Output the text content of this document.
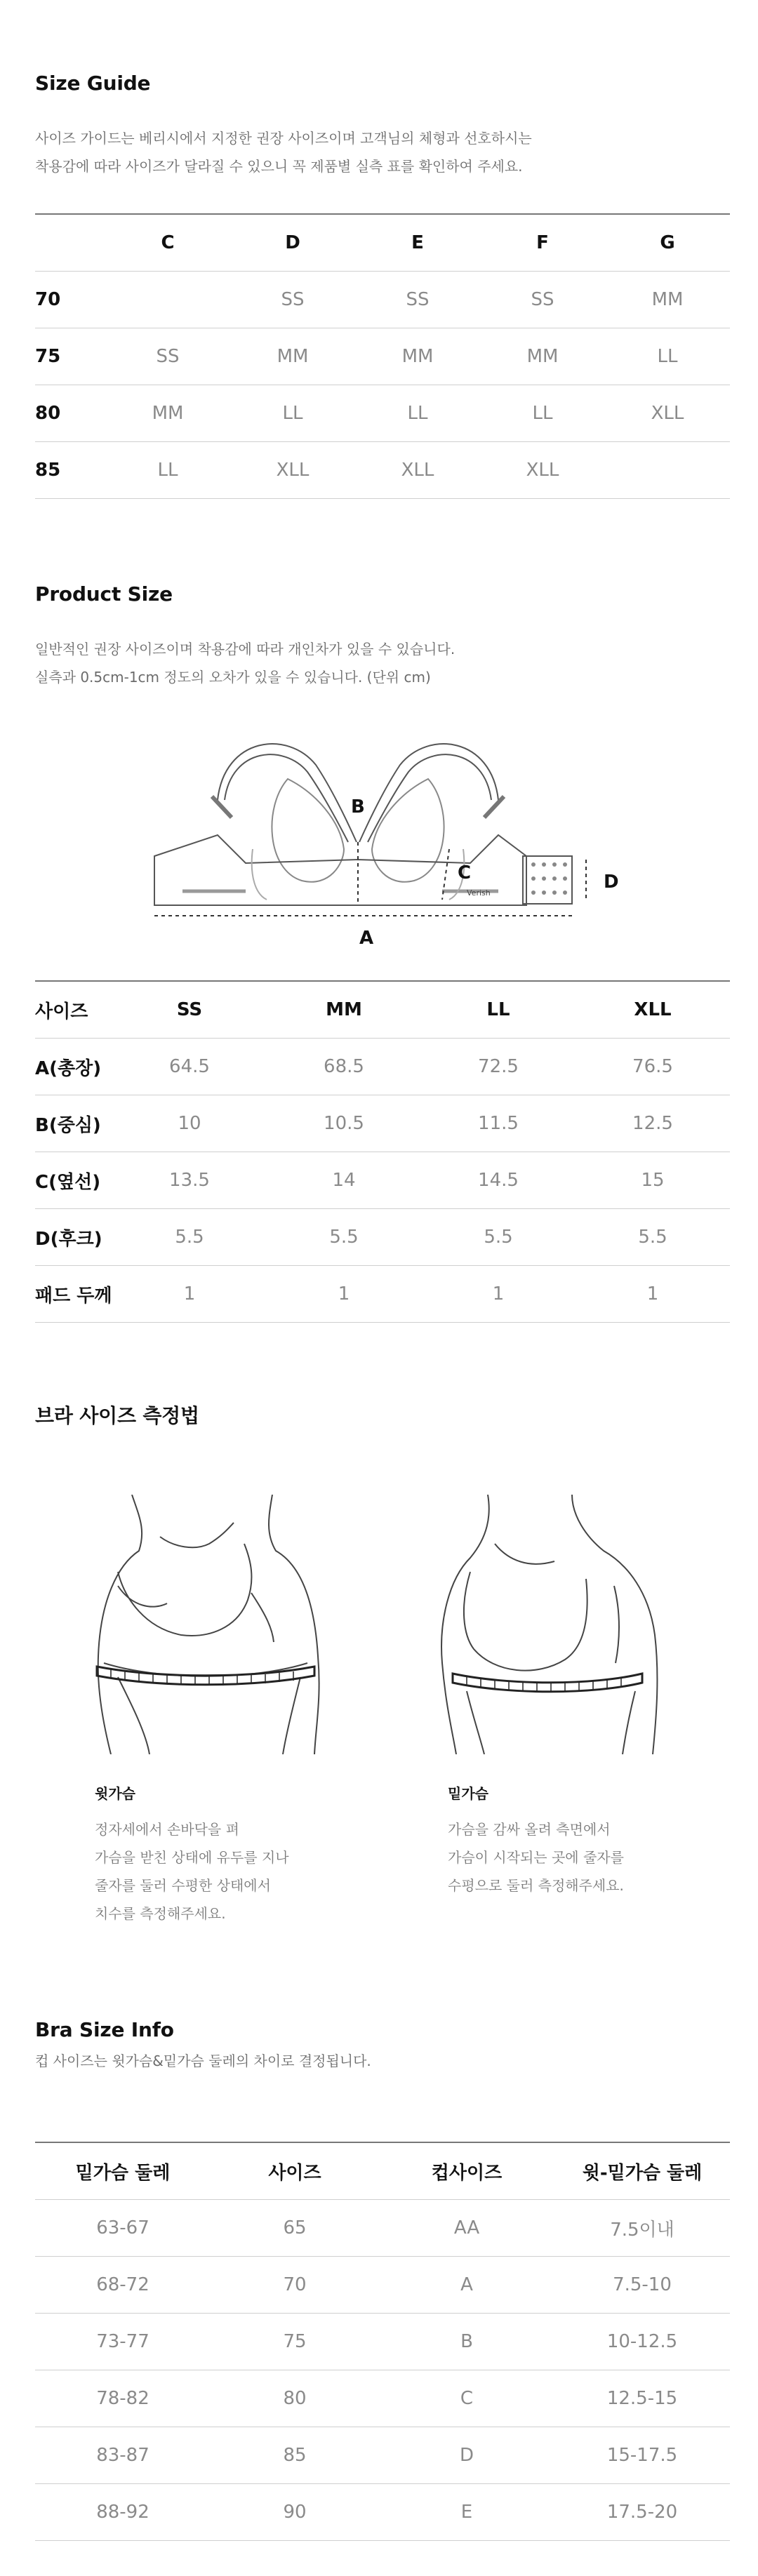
Size Guide

사이즈 가이드는 베리시에서 지정한 권장 사이즈이며 고객님의 체형과 선호하시는

착용감에 따라 사이즈가 달라질 수 있으니 꼭 제품별 실측 표를 확인하여 주세요.

	C	D	E	F	G
70		SS	SS	SS	MM
75	SS	MM	MM	MM	LL
80	MM	LL	LL	LL	XLL
85	LL	XLL	XLL	XLL	
Product Size

일반적인 권장 사이즈이며 착용감에 따라 개인차가 있을 수 있습니다.

실측과 0.5cm-1cm 정도의 오차가 있을 수 있습니다. (단위 cm)

B
C	D
A
Verish
사이즈	SS	MM	LL	XLL
A(총장)	64.5	68.5	72.5	76.5
B(중심)	10	10.5	11.5	12.5
C(옆선)	13.5	14	14.5	15
D(후크)	5.5	5.5	5.5	5.5
패드 두께	1	1	1	1
브라 사이즈 측정법

윗가슴

정자세에서 손바닥을 펴

가슴을 받친 상태에 유두를 지나

줄자를 둘러 수평한 상태에서

치수를 측정해주세요.

밑가슴

가슴을 감싸 올려 측면에서

가슴이 시작되는 곳에 줄자를

수평으로 둘러 측정해주세요.

Bra Size Info

컵 사이즈는 윗가슴&밑가슴 둘레의 차이로 결정됩니다.

밑가슴 둘레	사이즈	컵사이즈	윗-밑가슴 둘레
63-67	65	AA	7.5이내
68-72	70	A	7.5-10
73-77	75	B	10-12.5
78-82	80	C	12.5-15
83-87	85	D	15-17.5
88-92	90	E	17.5-20
